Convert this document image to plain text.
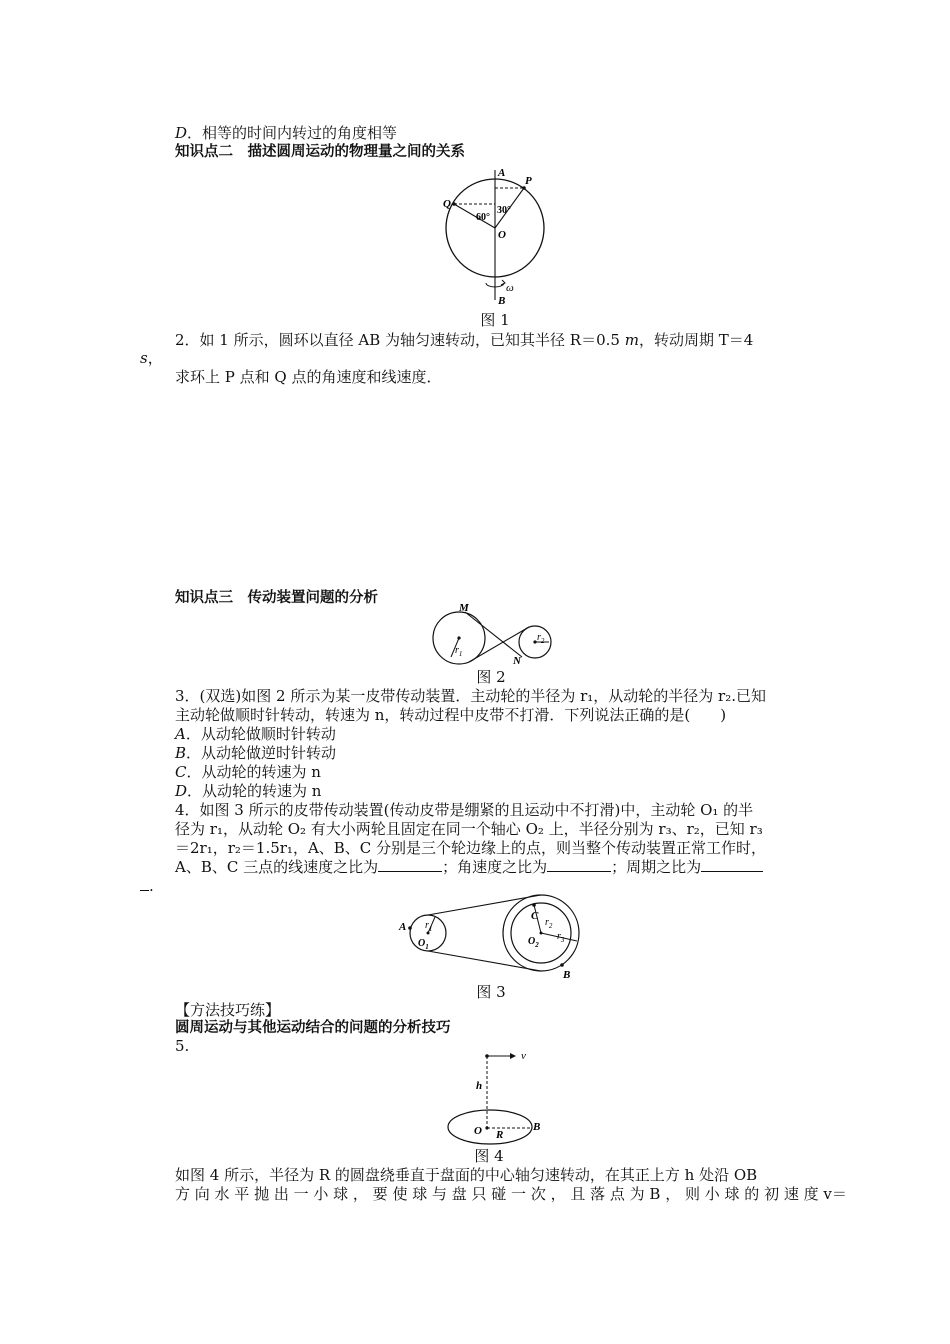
D．相等的时间内转过的角度相等
知识点二　描述圆周运动的物理量之间的关系
A
P
Q
30°
60°
O
ω
B
图 1
2．如 1 所示，圆环以直径 AB 为轴匀速转动，已知其半径 R＝0.5 m，转动周期 T＝4
s，
求环上 P 点和 Q 点的角速度和线速度．
知识点三　传动装置问题的分析
M
N
$r_1$
$r_2$
图 2
3．(双选)如图 2 所示为某一皮带传动装置．主动轮的半径为 r₁，从动轮的半径为 r₂.已知
主动轮做顺时针转动，转速为 n，转动过程中皮带不打滑．下列说法正确的是(　　)
A．从动轮做顺时针转动
B．从动轮做逆时针转动
C．从动轮的转速为 n
D．从动轮的转速为 n
4．如图 3 所示的皮带传动装置(传动皮带是绷紧的且运动中不打滑)中，主动轮 O₁ 的半
径为 r₁，从动轮 O₂ 有大小两轮且固定在同一个轴心 O₂ 上，半径分别为 r₃、r₂，已知 r₃
＝2r₁，r₂＝1.5r₁，A、B、C 分别是三个轮边缘上的点，则当整个传动装置正常工作时，
A、B、C 三点的线速度之比为	；角速度之比为	；周期之比为
.
A
C
B
$r_1$
$O_1$
$r_2$
$O_2$
$r_3$
图 3
【方法技巧练】
圆周运动与其他运动结合的问题的分析技巧
5.
v
h
O R
B
图 4
如图 4 所示，半径为 R 的圆盘绕垂直于盘面的中心轴匀速转动，在其正上方 h 处沿 OB
方 向 水 平 抛 出 一 小 球 ， 要 使 球 与 盘 只 碰 一 次 ， 且 落 点 为 B ， 则 小 球 的 初 速 度 v＝
